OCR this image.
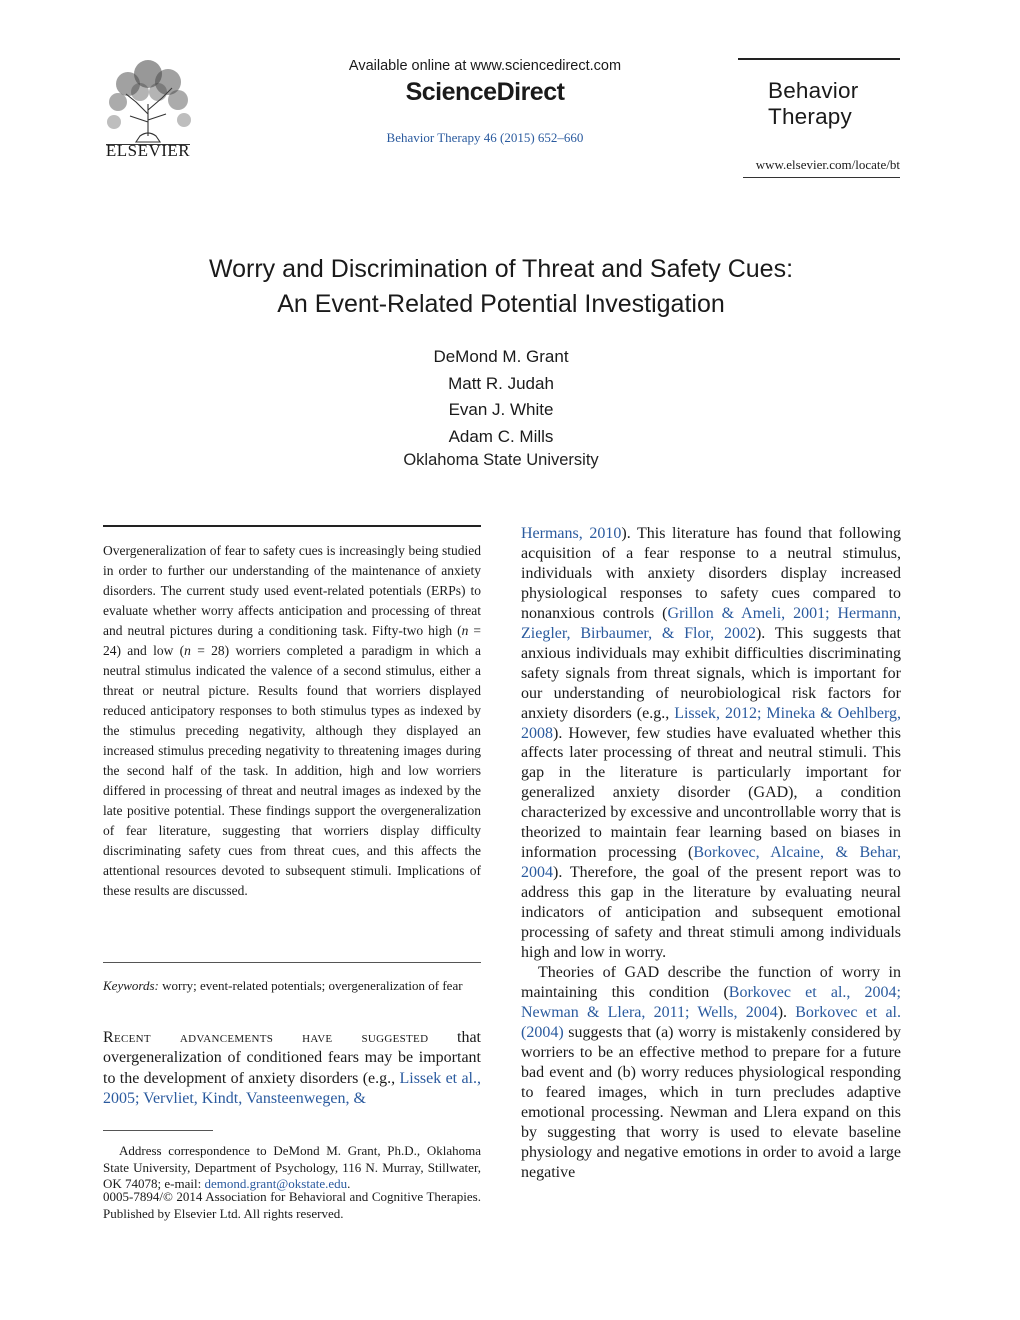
ELSEVIER
Available online at www.sciencedirect.com
ScienceDirect
Behavior Therapy 46 (2015) 652–660
Behavior
Therapy
www.elsevier.com/locate/bt
Worry and Discrimination of Threat and Safety Cues:
An Event-Related Potential Investigation
DeMond M. Grant
Matt R. Judah
Evan J. White
Adam C. Mills
Oklahoma State University
Overgeneralization of fear to safety cues is increasingly being studied in order to further our understanding of the maintenance of anxiety disorders. The current study used event-related potentials (ERPs) to evaluate whether worry affects anticipation and processing of threat and neutral pictures during a conditioning task. Fifty-two high (n = 24) and low (n = 28) worriers completed a paradigm in which a neutral stimulus indicated the valence of a second stimulus, either a threat or neutral picture. Results found that worriers displayed reduced anticipatory responses to both stimulus types as indexed by the stimulus preceding negativity, although they displayed an increased stimulus preceding negativity to threatening images during the second half of the task. In addition, high and low worriers differed in processing of threat and neutral images as indexed by the late positive potential. These findings support the overgeneralization of fear literature, suggesting that worriers display difficulty discriminating safety cues from threat cues, and this affects the attentional resources devoted to subsequent stimuli. Implications of these results are discussed.
Keywords: worry; event-related potentials; overgeneralization of fear
Recent advancements have suggested that overgeneralization of conditioned fears may be important to the development of anxiety disorders (e.g., Lissek et al., 2005; Vervliet, Kindt, Vansteenwegen, &
Address correspondence to DeMond M. Grant, Ph.D., Oklahoma State University, Department of Psychology, 116 N. Murray, Stillwater, OK 74078; e-mail: demond.grant@okstate.edu.
0005-7894/© 2014 Association for Behavioral and Cognitive Therapies. Published by Elsevier Ltd. All rights reserved.

Hermans, 2010). This literature has found that following acquisition of a fear response to a neutral stimulus, individuals with anxiety disorders display increased physiological responses to safety cues compared to nonanxious controls (Grillon & Ameli, 2001; Hermann, Ziegler, Birbaumer, & Flor, 2002). This suggests that anxious individuals may exhibit difficulties discriminating safety signals from threat signals, which is important for our understanding of neurobiological risk factors for anxiety disorders (e.g., Lissek, 2012; Mineka & Oehlberg, 2008). However, few studies have evaluated whether this affects later processing of threat and neutral stimuli. This gap in the literature is particularly important for generalized anxiety disorder (GAD), a condition characterized by excessive and uncontrollable worry that is theorized to maintain fear learning based on biases in information processing (Borkovec, Alcaine, & Behar, 2004). Therefore, the goal of the present report was to address this gap in the literature by evaluating neural indicators of anticipation and subsequent emotional processing of safety and threat stimuli among individuals high and low in worry.

Theories of GAD describe the function of worry in maintaining this condition (Borkovec et al., 2004; Newman & Llera, 2011; Wells, 2004). Borkovec et al. (2004) suggests that (a) worry is mistakenly considered by worriers to be an effective method to prepare for a future bad event and (b) worry reduces physiological responding to feared images, which in turn precludes adaptive emotional processing. Newman and Llera expand on this by suggesting that worry is used to elevate baseline physiology and negative emotions in order to avoid a large negative
